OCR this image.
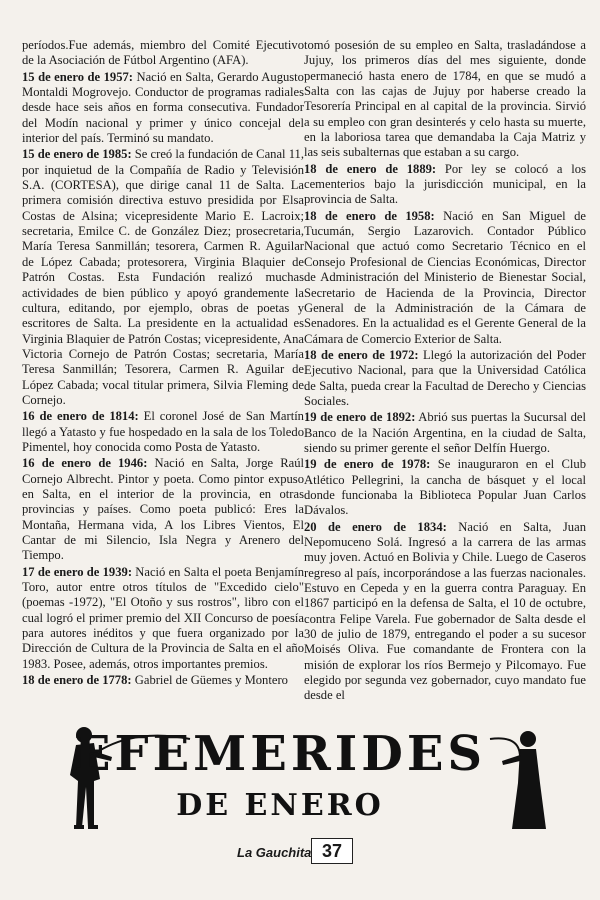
períodos.Fue además, miembro del Comité Ejecutivo de la Asociación de Fútbol Argentino (AFA).

15 de enero de 1957: Nació en Salta, Gerardo Augusto Montaldi Mogrovejo. Conductor de programas radiales desde hace seis años en forma consecutiva. Fundador del Modín nacional y primer y único concejal del interior del país. Terminó su mandato.

15 de enero de 1985: Se creó la fundación de Canal 11, por inquietud de la Compañía de Radio y Televisión S.A. (CORTESA), que dirige canal 11 de Salta. La primera comisión directiva estuvo presidida por Elsa Costas de Alsina; vicepresidente Mario E. Lacroix; secretaria, Emilce C. de González Diez; prosecretaria, María Teresa Sanmillán; tesorera, Carmen R. Aguilar de López Cabada; protesorera, Virginia Blaquier de Patrón Costas. Esta Fundación realizó muchas actividades de bien público y apoyó grandemente la cultura, editando, por ejemplo, obras de poetas y escritores de Salta. La presidente en la actualidad es Virginia Blaquier de Patrón Costas; vicepresidente, Ana Victoria Cornejo de Patrón Costas; secretaria, María Teresa Sanmillán; Tesorera, Carmen R. Aguilar de López Cabada; vocal titular primera, Silvia Fleming de Cornejo.

16 de enero de 1814: El coronel José de San Martín llegó a Yatasto y fue hospedado en la sala de los Toledo Pimentel, hoy conocida como Posta de Yatasto.

16 de enero de 1946: Nació en Salta, Jorge Raúl Cornejo Albrecht. Pintor y poeta. Como pintor expuso en Salta, en el interior de la provincia, en otras provincias y países. Como poeta publicó: Eres la Montaña, Hermana vida, A los Libres Vientos, El Cantar de mi Silencio, Isla Negra y Arenero del Tiempo.

17 de enero de 1939: Nació en Salta el poeta Benjamín Toro, autor entre otros títulos de "Excedido cielo" (poemas -1972), "El Otoño y sus rostros", libro con el cual logró el primer premio del XII Concurso de poesía para autores inéditos y que fuera organizado por la Dirección de Cultura de la Provincia de Salta en el año 1983. Posee, además, otros importantes premios.

18 de enero de 1778: Gabriel de Güemes y Montero

tomó posesión de su empleo en Salta, trasladándose a Jujuy, los primeros días del mes siguiente, donde permaneció hasta enero de 1784, en que se mudó a Salta con las cajas de Jujuy por haberse creado la Tesorería Principal en al capital de la provincia. Sirvió a su empleo con gran desinterés y celo hasta su muerte, en la laboriosa tarea que demandaba la Caja Matriz y las seis subalternas que estaban a su cargo.

18 de enero de 1889: Por ley se colocó a los cementerios bajo la jurisdicción municipal, en la provincia de Salta.

18 de enero de 1958: Nació en San Miguel de Tucumán, Sergio Lazarovich. Contador Público Nacional que actuó como Secretario Técnico en el Consejo Profesional de Ciencias Económicas, Director de Administración del Ministerio de Bienestar Social, Secretario de Hacienda de la Provincia, Director General de la Administración de la Cámara de Senadores. En la actualidad es el Gerente General de la Cámara de Comercio Exterior de Salta.

18 de enero de 1972: Llegó la autorización del Poder Ejecutivo Nacional, para que la Universidad Católica de Salta, pueda crear la Facultad de Derecho y Ciencias Sociales.

19 de enero de 1892: Abrió sus puertas la Sucursal del Banco de la Nación Argentina, en la ciudad de Salta, siendo su primer gerente el señor Delfín Huergo.

19 de enero de 1978: Se inauguraron en el Club Atlético Pellegrini, la cancha de básquet y el local donde funcionaba la Biblioteca Popular Juan Carlos Dávalos.

20 de enero de 1834: Nació en Salta, Juan Nepomuceno Solá. Ingresó a la carrera de las armas muy joven. Actuó en Bolivia y Chile. Luego de Caseros regreso al país, incorporándose a las fuerzas nacionales. Estuvo en Cepeda y en la guerra contra Paraguay. En 1867 participó en la defensa de Salta, el 10 de octubre, contra Felipe Varela. Fue gobernador de Salta desde el 30 de julio de 1879, entregando el poder a su sucesor Moisés Oliva. Fue comandante de Frontera con la misión de explorar los ríos Bermejo y Pilcomayo. Fue elegido por segunda vez gobernador, cuyo mandato fue desde el

EFEMERIDES
DE ENERO
La Gauchita 37
